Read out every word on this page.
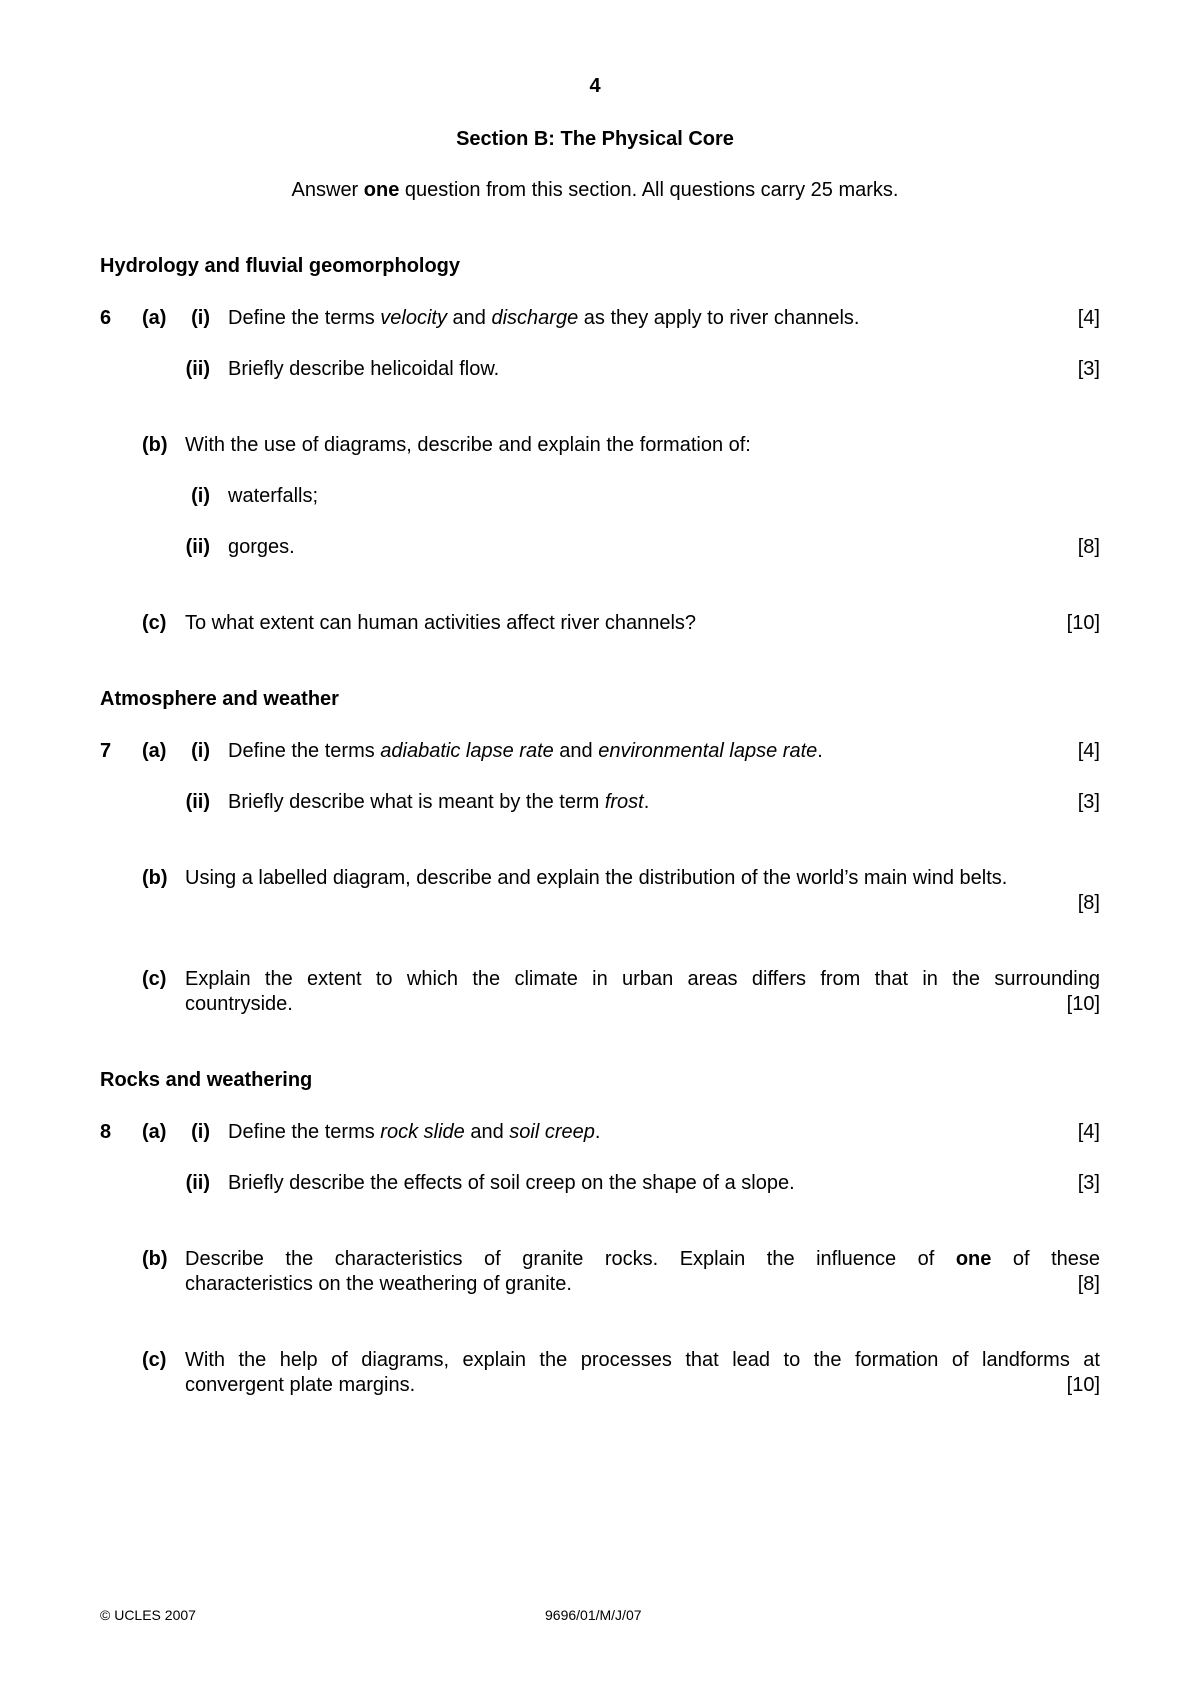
4
Section B: The Physical Core
Answer one question from this section. All questions carry 25 marks.
Hydrology and fluvial geomorphology
6 (a)	(i) Define the terms velocity and discharge as they apply to river channels.	[4]
(ii) Briefly describe helicoidal flow.	[3]
(b) With the use of diagrams, describe and explain the formation of:
(i) waterfalls;
(ii) gorges.	[8]
(c) To what extent can human activities affect river channels?	[10]
Atmosphere and weather
7 (a)	(i) Define the terms adiabatic lapse rate and environmental lapse rate.	[4]
(ii) Briefly describe what is meant by the term frost.	[3]
(b) Using a labelled diagram, describe and explain the distribution of the world’s main wind belts.
[8]
(c) Explain the extent to which the climate in urban areas differs from that in the surrounding
countryside.	[10]
Rocks and weathering
8 (a)	(i) Define the terms rock slide and soil creep.	[4]
(ii) Briefly describe the effects of soil creep on the shape of a slope.	[3]
(b) Describe the characteristics of granite rocks. Explain the influence of one of these
characteristics on the weathering of granite.	[8]
(c) With the help of diagrams, explain the processes that lead to the formation of landforms at
convergent plate margins.	[10]
© UCLES 2007	9696/01/M/J/07
